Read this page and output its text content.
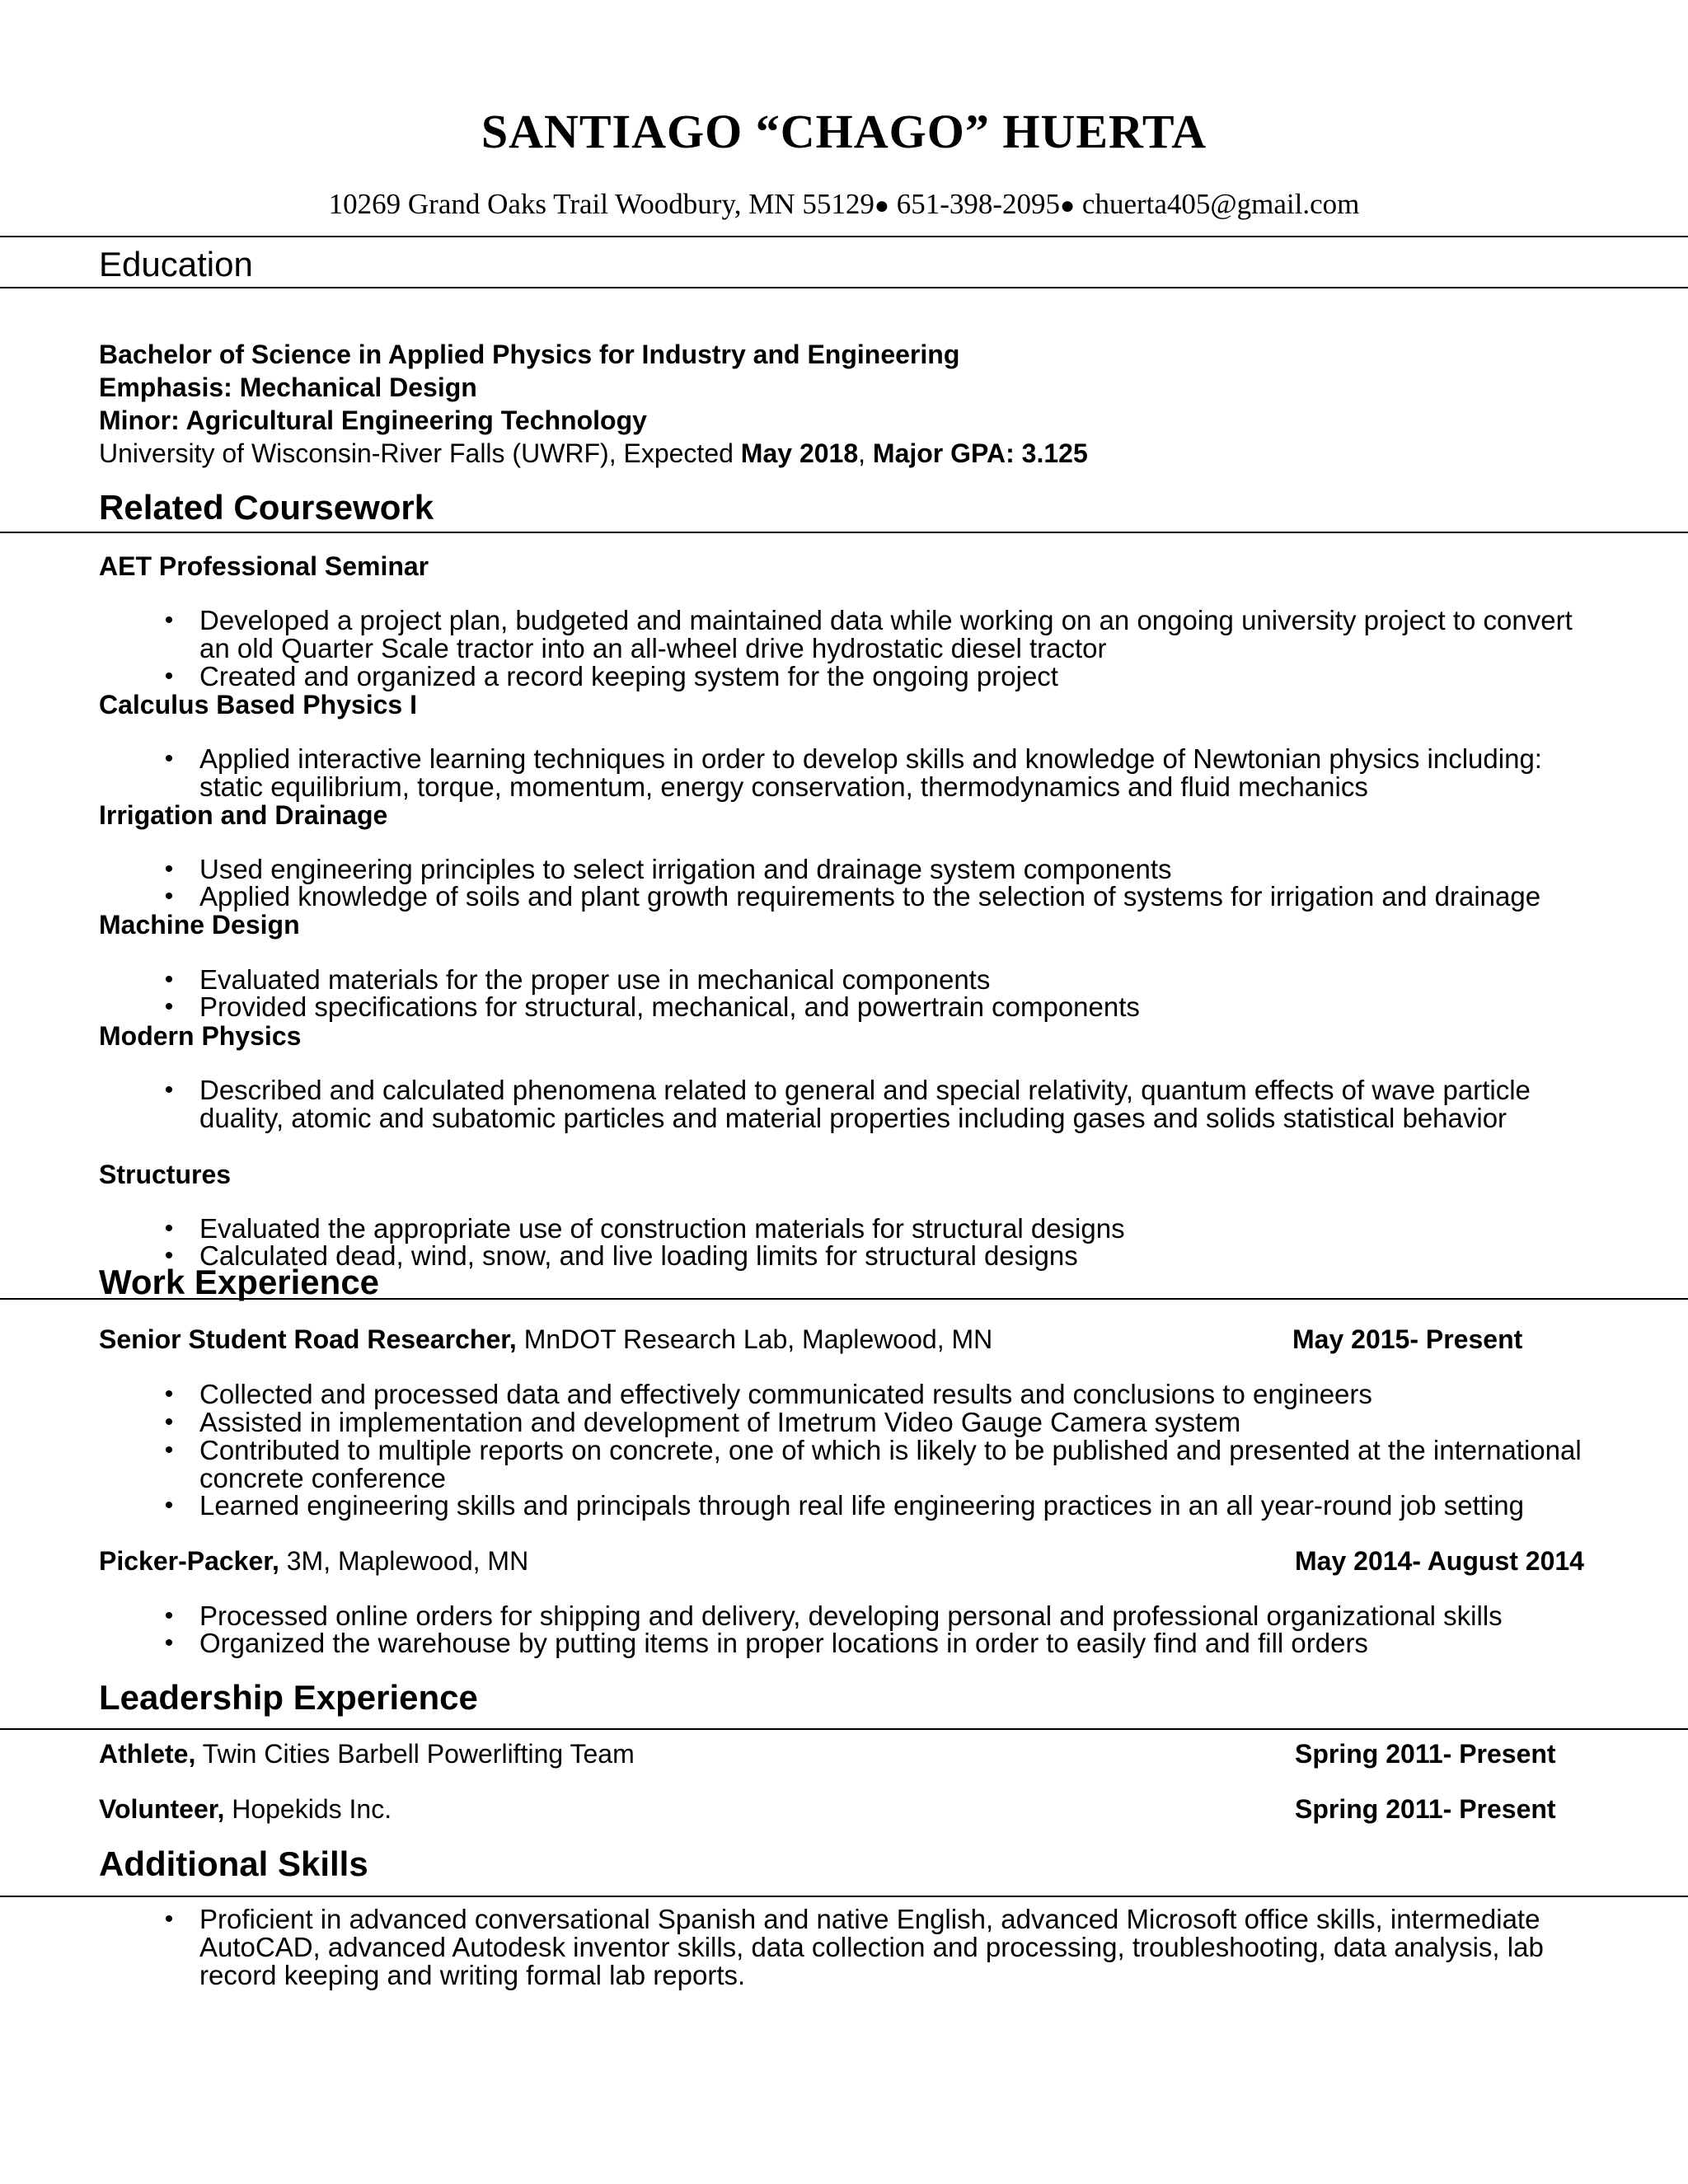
SANTIAGO “CHAGO” HUERTA
10269 Grand Oaks Trail Woodbury, MN 55129● 651-398-2095● chuerta405@gmail.com
Education
Bachelor of Science in Applied Physics for Industry and Engineering
Emphasis: Mechanical Design
Minor: Agricultural Engineering Technology
University of Wisconsin-River Falls (UWRF), Expected May 2018, Major GPA: 3.125
Related Coursework
AET Professional Seminar
• Developed a project plan, budgeted and maintained data while working on an ongoing university project to convert an old Quarter Scale tractor into an all-wheel drive hydrostatic diesel tractor
• Created and organized a record keeping system for the ongoing project
Calculus Based Physics I
• Applied interactive learning techniques in order to develop skills and knowledge of Newtonian physics including: static equilibrium, torque, momentum, energy conservation, thermodynamics and fluid mechanics
Irrigation and Drainage
• Used engineering principles to select irrigation and drainage system components
• Applied knowledge of soils and plant growth requirements to the selection of systems for irrigation and drainage
Machine Design
• Evaluated materials for the proper use in mechanical components
• Provided specifications for structural, mechanical, and powertrain components
Modern Physics
• Described and calculated phenomena related to general and special relativity, quantum effects of wave particle duality, atomic and subatomic particles and material properties including gases and solids statistical behavior
Structures
• Evaluated the appropriate use of construction materials for structural designs
• Calculated dead, wind, snow, and live loading limits for structural designs
Work Experience
Senior Student Road Researcher, MnDOT Research Lab, Maplewood, MN	May 2015- Present
• Collected and processed data and effectively communicated results and conclusions to engineers
• Assisted in implementation and development of Imetrum Video Gauge Camera system
• Contributed to multiple reports on concrete, one of which is likely to be published and presented at the international concrete conference
• Learned engineering skills and principals through real life engineering practices in an all year-round job setting
Picker-Packer, 3M, Maplewood, MN	May 2014- August 2014
• Processed online orders for shipping and delivery, developing personal and professional organizational skills
• Organized the warehouse by putting items in proper locations in order to easily find and fill orders
Leadership Experience
Athlete, Twin Cities Barbell Powerlifting Team	Spring 2011- Present
Volunteer, Hopekids Inc.	Spring 2011- Present
Additional Skills
• Proficient in advanced conversational Spanish and native English, advanced Microsoft office skills, intermediate AutoCAD, advanced Autodesk inventor skills, data collection and processing, troubleshooting, data analysis, lab record keeping and writing formal lab reports.
